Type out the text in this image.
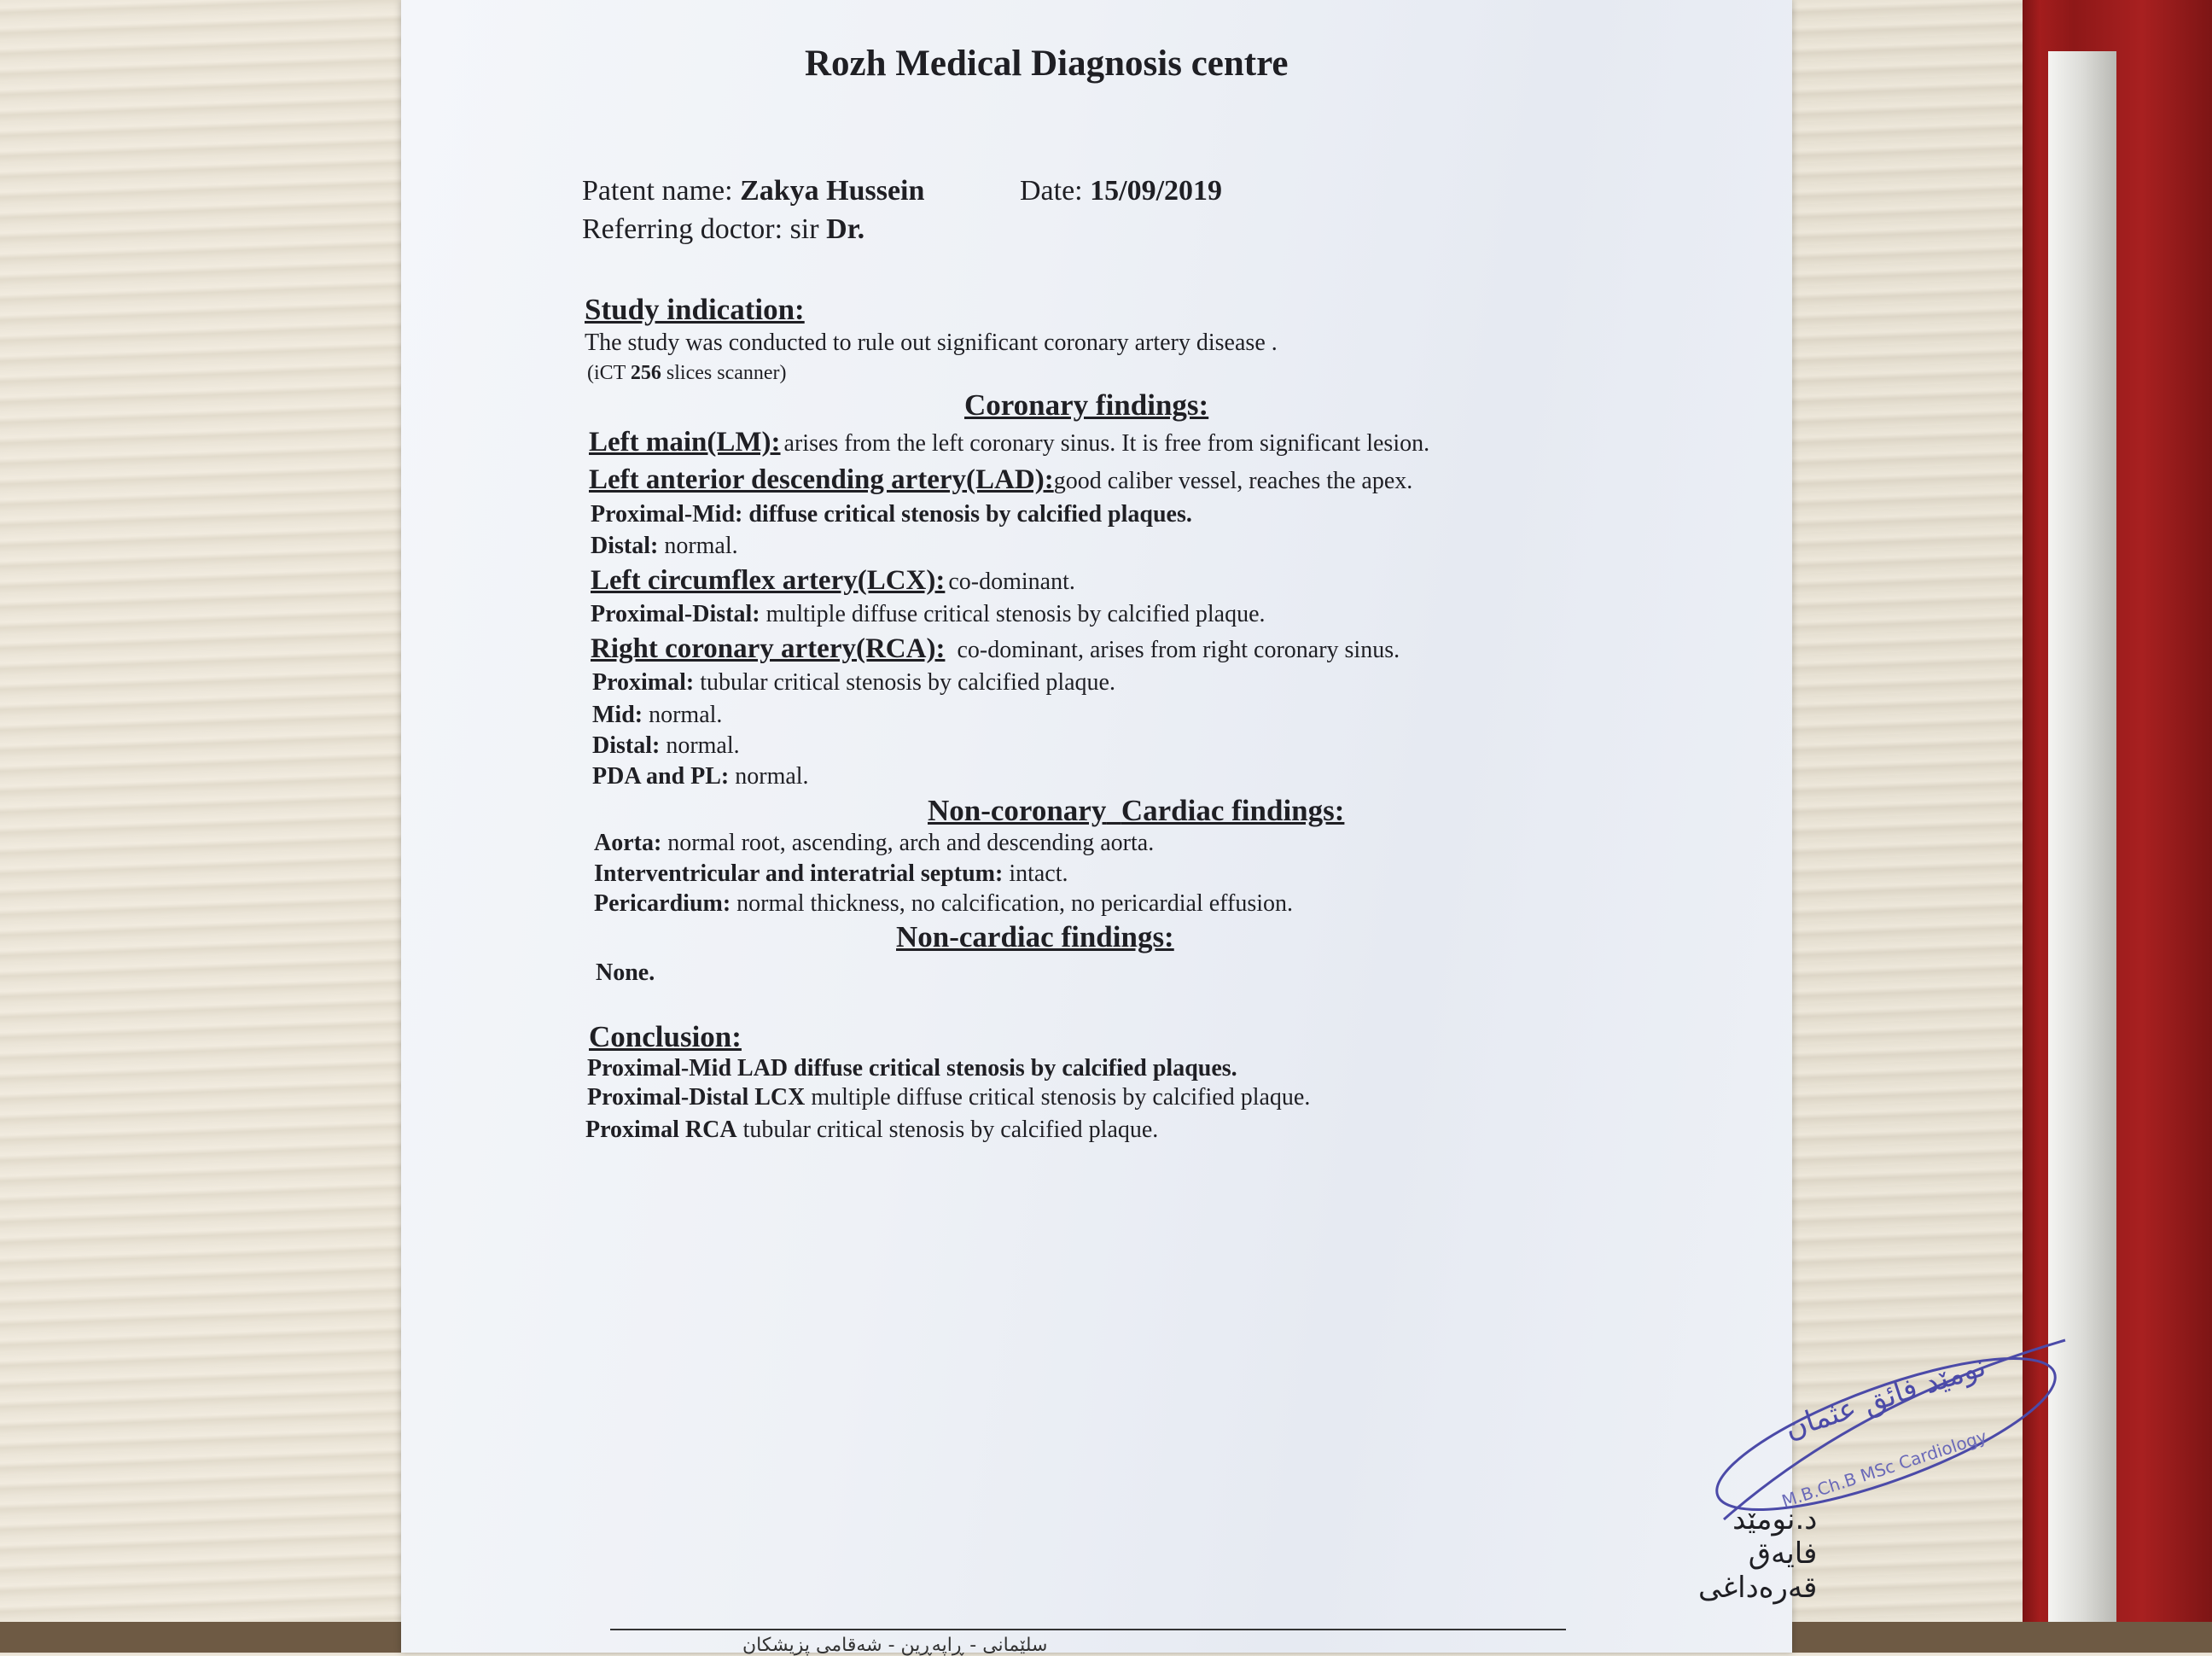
Rozh Medical Diagnosis centre
Patent name: Zakya Hussein	Date: 15/09/2019
Referring doctor: sir Dr.
Study indication:
The study was conducted to rule out significant coronary artery disease .
(iCT 256 slices scanner)
Coronary findings:
Left main(LM): arises from the left coronary sinus. It is free from significant lesion.
Left anterior descending artery(LAD):good caliber vessel, reaches the apex.
Proximal-Mid: diffuse critical stenosis by calcified plaques.
Distal: normal.
Left circumflex artery(LCX): co-dominant.
Proximal-Distal: multiple diffuse critical stenosis by calcified plaque.
Right coronary artery(RCA): co-dominant, arises from right coronary sinus.
Proximal: tubular critical stenosis by calcified plaque.
Mid: normal.
Distal: normal.
PDA and PL: normal.
Non-coronary Cardiac findings:
Aorta: normal root, ascending, arch and descending aorta.
Interventricular and interatrial septum: intact.
Pericardium: normal thickness, no calcification, no pericardial effusion.
Non-cardiac findings:
None.
Conclusion:
Proximal-Mid LAD diffuse critical stenosis by calcified plaques.
Proximal-Distal LCX multiple diffuse critical stenosis by calcified plaque.
Proximal RCA tubular critical stenosis by calcified plaque.
نومێد فائق عثمان
M.B.Ch.B MSc Cardiology
د.نومێد فایەق قەرەداغی
سلێمانی - ڕاپەڕین - شەقامی پزیشکان
